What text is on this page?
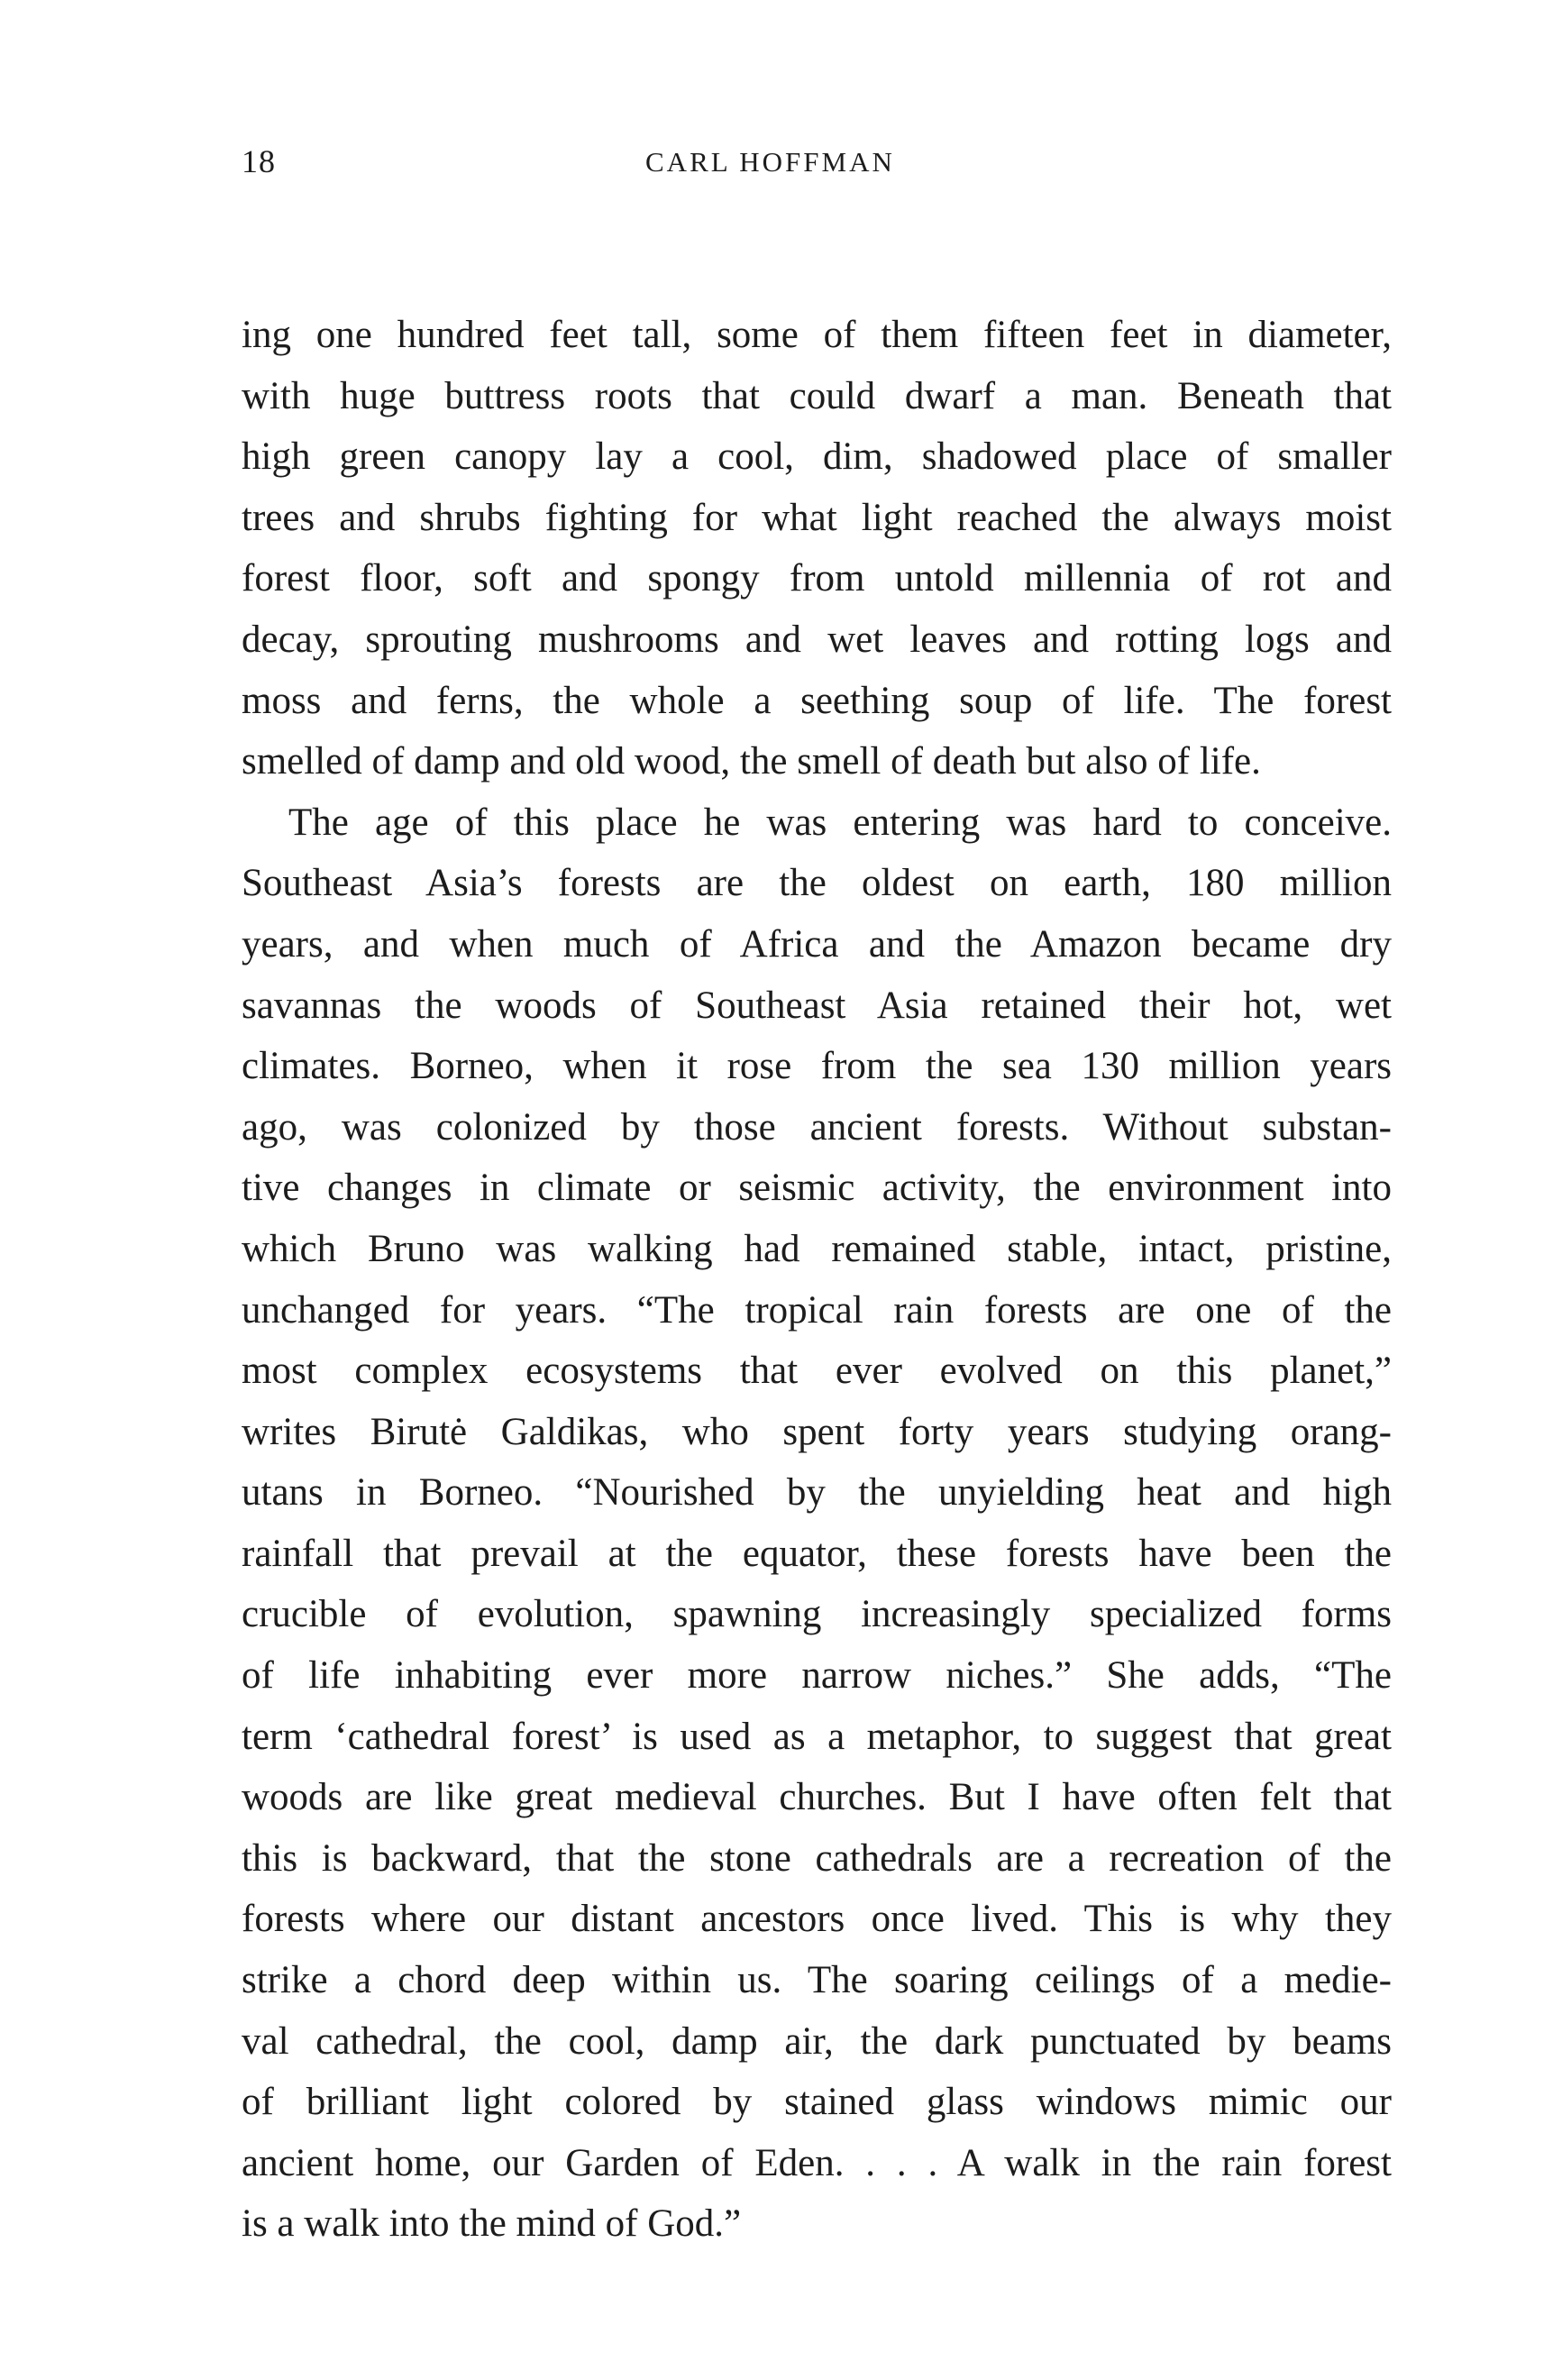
18	CARL HOFFMAN
ing one hundred feet tall, some of them fifteen feet in diameter,
with huge buttress roots that could dwarf a man. Beneath that
high green canopy lay a cool, dim, shadowed place of smaller
trees and shrubs fighting for what light reached the always moist
forest floor, soft and spongy from untold millennia of rot and
decay, sprouting mushrooms and wet leaves and rotting logs and
moss and ferns, the whole a seething soup of life. The forest
smelled of damp and old wood, the smell of death but also of life.
The age of this place he was entering was hard to conceive.
Southeast Asia’s forests are the oldest on earth, 180 million
years, and when much of Africa and the Amazon became dry
savannas the woods of Southeast Asia retained their hot, wet
climates. Borneo, when it rose from the sea 130 million years
ago, was colonized by those ancient forests. Without substan-
tive changes in climate or seismic activity, the environment into
which Bruno was walking had remained stable, intact, pristine,
unchanged for years. “The tropical rain forests are one of the
most complex ecosystems that ever evolved on this planet,”
writes Birutė Galdikas, who spent forty years studying orang-
utans in Borneo. “Nourished by the unyielding heat and high
rainfall that prevail at the equator, these forests have been the
crucible of evolution, spawning increasingly specialized forms
of life inhabiting ever more narrow niches.” She adds, “The
term ‘cathedral forest’ is used as a metaphor, to suggest that great
woods are like great medieval churches. But I have often felt that
this is backward, that the stone cathedrals are a recreation of the
forests where our distant ancestors once lived. This is why they
strike a chord deep within us. The soaring ceilings of a medie-
val cathedral, the cool, damp air, the dark punctuated by beams
of brilliant light colored by stained glass windows mimic our
ancient home, our Garden of Eden. . . . A walk in the rain forest
is a walk into the mind of God.”
